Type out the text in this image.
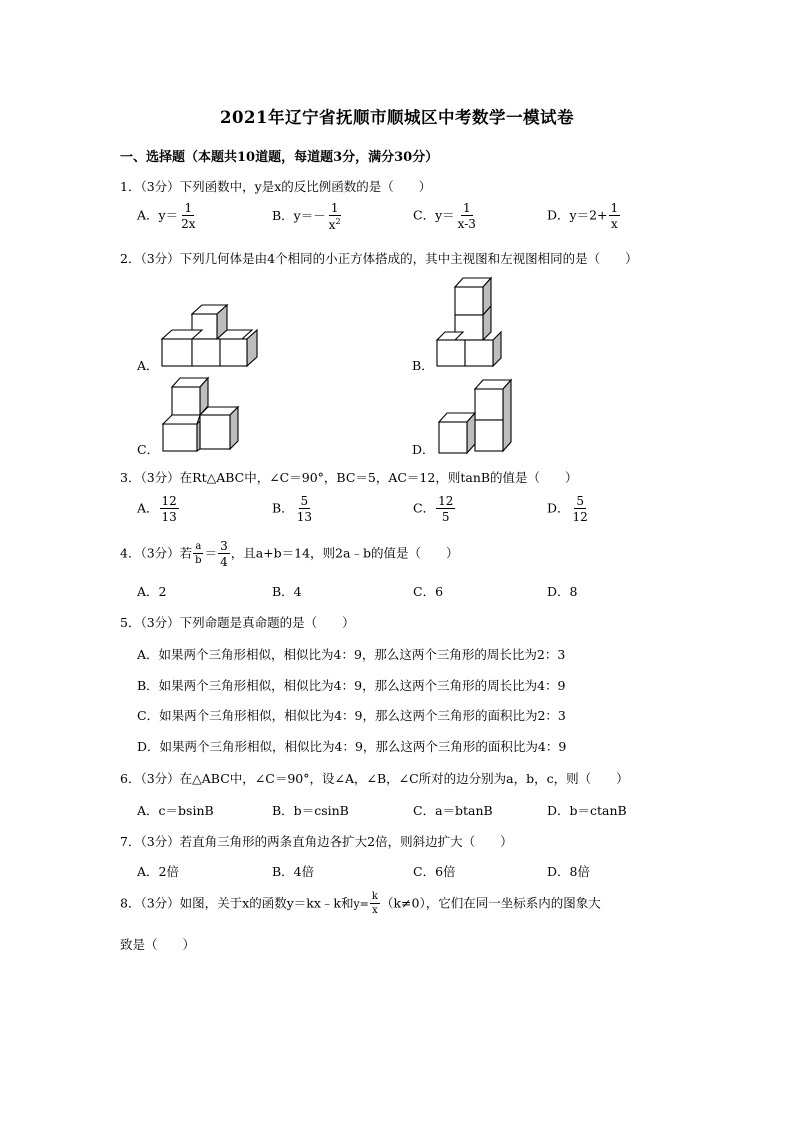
2021年辽宁省抚顺市顺城区中考数学一模试卷
一、选择题（本题共10道题，每道题3分，满分30分）
1．（3分）下列函数中，y是x的反比例函数的是（　　）
A．$y= \frac{1}{2x}$	B．$y=- \frac{1}{x^2}$	C．$y= \frac{1}{x-3}$	D．$y=2+ \frac{1}{x}$
2．（3分）下列几何体是由4个相同的小正方体搭成的，其中主视图和左视图相同的是（　　）
A．	B．
C．	D．
3．（3分）在Rt△ABC中，∠C＝90°，BC＝5，AC＝12，则tanB的值是（　　）
A． $\frac{12}{13}$	B． $\frac{5}{13}$	C． $\frac{12}{5}$	D． $\frac{5}{12}$
4．（3分）若 $\frac{a}{b} = \frac{3}{4}$ ，且a+b＝14，则2a﹣b的值是（　　）
A．2	B．4	C．6	D．8
5．（3分）下列命题是真命题的是（　　）
A．如果两个三角形相似，相似比为4：9，那么这两个三角形的周长比为2：3
B．如果两个三角形相似，相似比为4：9，那么这两个三角形的周长比为4：9
C．如果两个三角形相似，相似比为4：9，那么这两个三角形的面积比为2：3
D．如果两个三角形相似，相似比为4：9，那么这两个三角形的面积比为4：9
6．（3分）在△ABC中，∠C＝90°，设∠A，∠B，∠C所对的边分别为a，b，c，则（　　）
A．c＝bsinB	B．b＝csinB	C．a＝btanB	D．b＝ctanB
7．（3分）若直角三角形的两条直角边各扩大2倍，则斜边扩大（　　）
A．2倍	B．4倍	C．6倍	D．8倍
8．（3分）如图，关于x的函数y＝kx﹣k和$y= \frac{k}{x} (k\ne 0)$，它们在同一坐标系内的图象大
致是（　　）
